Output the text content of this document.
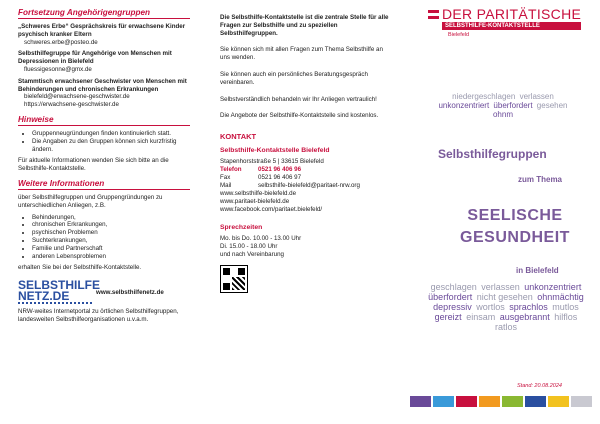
Fortsetzung Angehörigengruppen
„Schweres Erbe“ Gesprächskreis für erwachsene Kinder psychisch kranker Eltern
schweres.erbe@posteo.de
Selbsthilfegruppe für Angehörige von Menschen mit Depressionen in Bielefeld
fluessigesonne@gmx.de
Stammtisch erwachsener Geschwister von Menschen mit Behinderungen und chronischen Erkrankungen
bielefeld@erwachsene-geschwister.de
https://erwachsene-geschwister.de
Hinweise
• Gruppenneugründungen finden kontinuierlich statt.
• Die Angaben zu den Gruppen können sich kurzfristig ändern.

Für aktuelle Informationen wenden Sie sich bitte an die Selbsthilfe-Kontaktstelle.

Weitere Informationen

über Selbsthilfegruppen und Gruppengründungen zu unterschiedlichen Anliegen, z.B.

• Behinderungen,
• chronischen Erkrankungen,
• psychischen Problemen
• Suchterkrankungen,
• Familie und Partnerschaft
• anderen Lebensproblemen

erhalten Sie bei der Selbsthilfe-Kontaktstelle.

SELBSTHILFE NETZ.DE	www.selbsthilfenetz.de

NRW-weites Internetportal zu örtlichen Selbsthilfegruppen, landesweiten Selbsthilfeorganisationen u.v.a.m.

Die Selbsthilfe-Kontaktstelle ist die zentrale Stelle für alle Fragen zur Selbsthilfe und zu speziellen Selbsthilfegruppen.

Sie können sich mit allen Fragen zum Thema Selbsthilfe an uns wenden.

Sie können auch ein persönliches Beratungsgespräch vereinbaren.

Selbstverständlich behandeln wir Ihr Anliegen vertraulich!

Die Angebote der Selbsthilfe-Kontaktstelle sind kostenlos.

KONTAKT
Selbsthilfe-Kontaktstelle Bielefeld
Stapenhorststraße 5 | 33615 Bielefeld
Telefon	0521 96 406 96
Fax	0521 96 406 97
Mail	selbsthilfe-bielefeld@paritaet-nrw.org
www.selbsthilfe-bielefeld.de
www.paritaet-bielefeld.de
www.facebook.com/paritaet.bielefeld/
Sprechzeiten
Mo. bis Do. 10.00 - 13.00 Uhr
Di. 15.00 - 18.00 Uhr
und nach Vereinbarung
DER PARITÄTISCHE
SELBSTHILFE-KONTAKTSTELLE
Bielefeld
niedergeschlagen verlassen unkonzentriert überfordert gesehen ohnm
Selbsthilfegruppen
zum Thema
SEELISCHE
GESUNDHEIT
in Bielefeld
geschlagen verlassen unkonzentriert überfordert nicht gesehen ohnmächtig depressiv wortlos sprachlos mutlos gereizt einsam ausgebrannt hilflos ratlos
Stand: 20.08.2024
